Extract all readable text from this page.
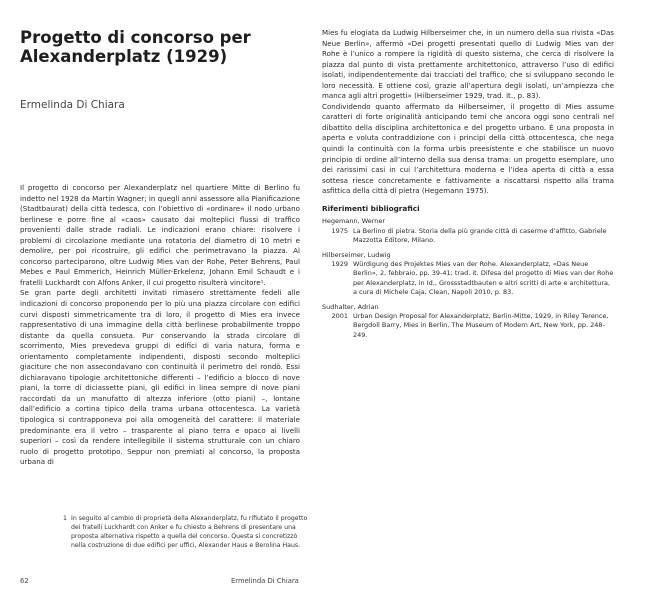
Progetto di concorso per Alexanderplatz (1929)

Ermelinda Di Chiara

Il progetto di concorso per Alexanderplatz nel quartiere Mitte di Berlino fu indetto nel 1928 da Martin Wagner; in quegli anni assessore alla Pianificazione (Stadtbaurat) della città tedesca, con l’obiettivo di «ordinare» il nodo urbano berlinese e porre fine al «caos» causato dai molteplici flussi di traffico provenienti dalle strade radiali. Le indicazioni erano chiare: risolvere i problemi di circolazione mediante una rotatoria del diametro di 10 metri e demolire, per poi ricostruire, gli edifici che perimetravano la piazza. Al concorso parteciparono, oltre Ludwig Mies van der Rohe, Peter Behrens, Paul Mebes e Paul Emmerich, Heinrich Müller-Erkelenz, Johann Emil Schaudt e i fratelli Luckhardt con Alfons Anker, il cui progetto risulterà vincitore¹.

Se gran parte degli architetti invitati rimasero strettamente fedeli alle indicazioni di concorso proponendo per lo più una piazza circolare con edifici curvi disposti simmetricamente tra di loro, il progetto di Mies era invece rappresentativo di una immagine della città berlinese probabilmente troppo distante da quella consueta. Pur conservando la strada circolare di scorrimento, Mies prevedeva gruppi di edifici di varia natura, forma e orientamento completamente indipendenti, disposti secondo molteplici giaciture che non assecondavano con continuità il perimetro del rondò. Essi dichiaravano tipologie architettoniche differenti – l’edificio a blocco di nove piani, la torre di diciassette piani, gli edifici in linea sempre di nove piani raccordati da un manufatto di altezza inferiore (otto piani) –, lontane dall’edificio a cortina tipico della trama urbana ottocentesca. La varietà tipologica si contrapponeva poi alla omogeneità del carattere: il materiale predominante era il vetro – trasparente al piano terra e opaco ai livelli superiori – così da rendere intellegibile il sistema strutturale con un chiaro ruolo di progetto prototipo. Seppur non premiati al concorso, la proposta urbana di

Mies fu elogiata da Ludwig Hilberseimer che, in un numero della sua rivista «Das Neue Berlin», affermò «Dei progetti presentati quello di Ludwig Mies van der Rohe è l’unico a rompere la rigidità di questo sistema, che cerca di risolvere la piazza dal punto di vista prettamente architettonico, attraverso l’uso di edifici isolati, indipendentemente dai tracciati del traffico, che si sviluppano secondo le loro necessità. E ottiene così, grazie all’apertura degli isolati, un’ampiezza che manca agli altri progetti» (Hilberseimer 1929, trad. it., p. 83).

Condividendo quanto affermato da Hilberseimer, il progetto di Mies assume caratteri di forte originalità anticipando temi che ancora oggi sono centrali nel dibattito della disciplina architettonica e del progetto urbano. È una proposta in aperta e voluta contraddizione con i principi della città ottocentesca, che nega quindi la continuità con la forma urbis preesistente e che stabilisce un nuovo principio di ordine all’interno della sua densa trama: un progetto esemplare, uno dei rarissimi casi in cui l’architettura moderna e l’idea aperta di città a essa sottesa riesce concretamente e fattivamente a riscattarsi rispetto alla trama asfittica della città di pietra (Hegemann 1975).

Riferimenti bibliografici

Hegemann, Werner
1975 La Berlino di pietra. Storia della più grande città di caserme d’affitto, Gabriele Mazzotta Editore, Milano.
Hilberseimer, Ludwig
1929 Würdigung des Projektes Mies van der Rohe. Alexanderplatz, «Das Neue Berlin», 2, febbraio, pp. 39-41; trad. it. Difesa del progetto di Mies van der Rohe per Alexanderplatz, in Id., Grossstadtbauten e altri scritti di arte e architettura, a cura di Michele Caja, Clean, Napoli 2010, p. 83.
Sudhalter, Adrian
2001 Urban Design Proposal for Alexanderplatz, Berlin-Mitte, 1929, in Riley Terence, Bergdoll Barry, Mies in Berlin, The Museum of Modern Art, New York, pp. 248-249.
1 In seguito al cambio di proprietà della Alexanderplatz, fu rifiutato il progetto dei fratelli Luckhardt con Anker e fu chiesto a Behrens di presentare una proposta alternativa rispetto a quella del concorso. Questa si concretizzò nella costruzione di due edifici per uffici, Alexander Haus e Berolina Haus.
62	Ermelinda Di Chiara
